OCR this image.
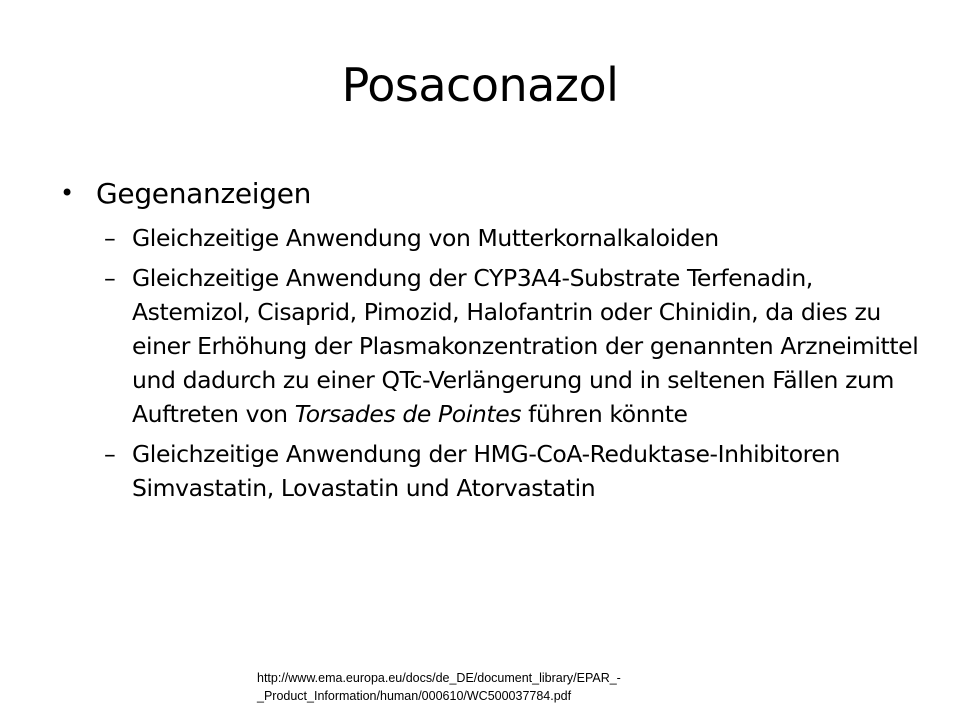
Posaconazol
• Gegenanzeigen
– Gleichzeitige Anwendung von Mutterkornalkaloiden
– Gleichzeitige Anwendung der CYP3A4-Substrate Terfenadin, Astemizol, Cisaprid, Pimozid, Halofantrin oder Chinidin, da dies zu einer Erhöhung der Plasmakonzentration der genannten Arzneimittel und dadurch zu einer QTc-Verlängerung und in seltenen Fällen zum Auftreten von Torsades de Pointes führen könnte
– Gleichzeitige Anwendung der HMG-CoA-Reduktase-Inhibitoren Simvastatin, Lovastatin und Atorvastatin
http://www.ema.europa.eu/docs/de_DE/document_library/EPAR_-
_Product_Information/human/000610/WC500037784.pdf
